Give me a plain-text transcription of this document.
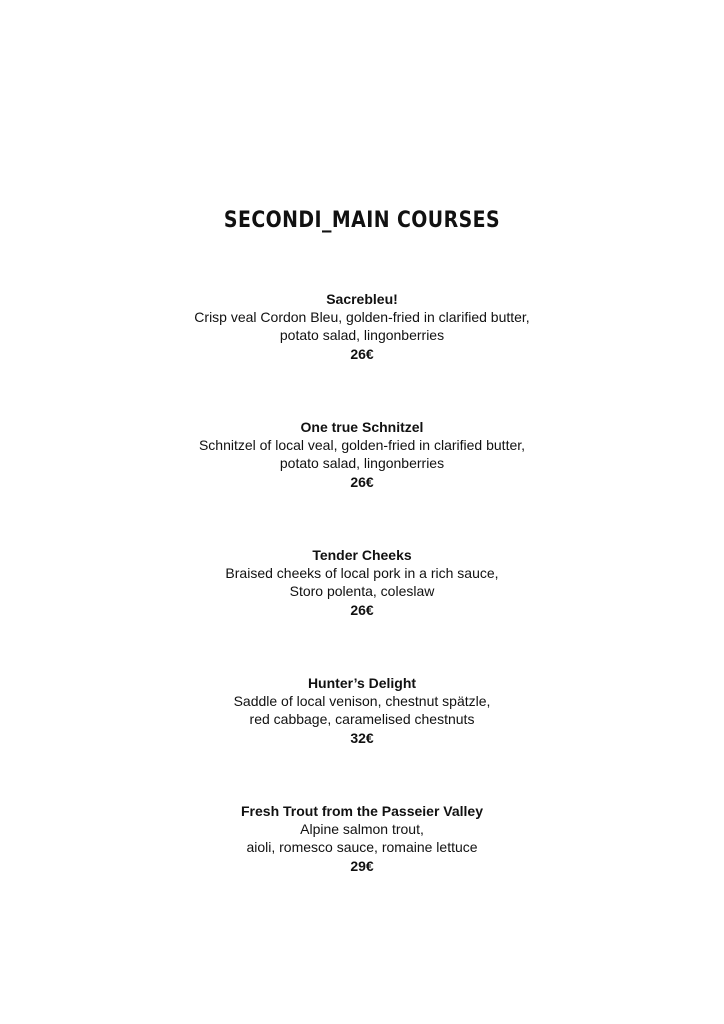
SECONDI_MAIN COURSES
Sacrebleu!
Crisp veal Cordon Bleu, golden-fried in clarified butter,
potato salad, lingonberries
26€
One true Schnitzel
Schnitzel of local veal, golden-fried in clarified butter,
potato salad, lingonberries
26€
Tender Cheeks
Braised cheeks of local pork in a rich sauce,
Storo polenta, coleslaw
26€
Hunter’s Delight
Saddle of local venison, chestnut spätzle,
red cabbage, caramelised chestnuts
32€
Fresh Trout from the Passeier Valley
Alpine salmon trout,
aioli, romesco sauce, romaine lettuce
29€
